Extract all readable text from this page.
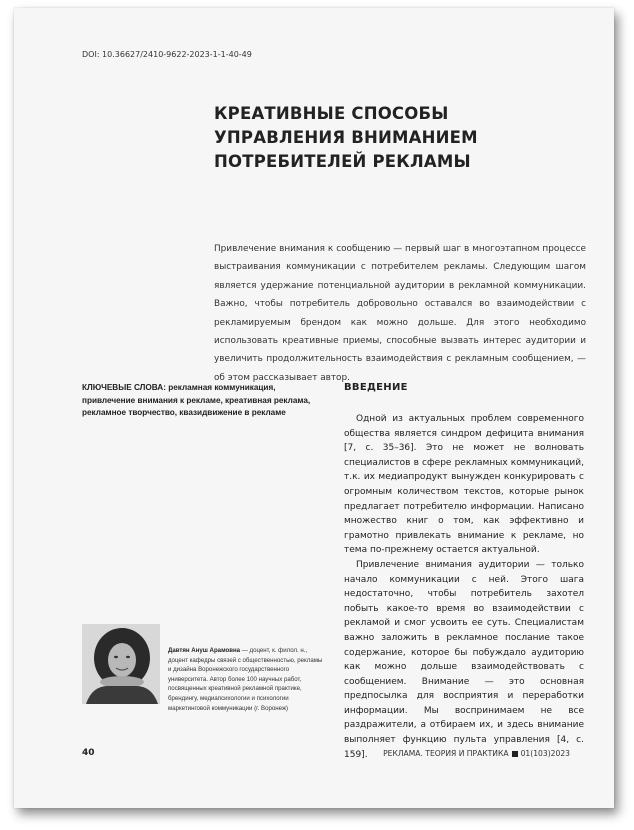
DOI: 10.36627/2410-9622-2023-1-1-40-49
КРЕАТИВНЫЕ СПОСОБЫ УПРАВЛЕНИЯ ВНИМАНИЕМ ПОТРЕБИТЕЛЕЙ РЕКЛАМЫ
Привлечение внимания к сообщению — первый шаг в многоэтапном процессе выстраивания коммуникации с потребителем рекламы. Следующим шагом является удержание потенциальной аудитории в рекламной коммуникации. Важно, чтобы потребитель добровольно оставался во взаимодействии с рекламируемым брендом как можно дольше. Для этого необходимо использовать креативные приемы, способные вызвать интерес аудитории и увеличить продолжительность взаимодействия с рекламным сообщением, — об этом рассказывает автор.
КЛЮЧЕВЫЕ СЛОВА: рекламная коммуникация, привлечение внимания к рекламе, креативная реклама, рекламное творчество, квазидвижение в рекламе
ВВЕДЕНИЕ

Одной из актуальных проблем современного общества является синдром дефицита внимания [7, с. 35–36]. Это не может не волновать специалистов в сфере рекламных коммуникаций, т.к. их медиапродукт вынужден конкурировать с огромным количеством текстов, которые рынок предлагает потребителю информации. Написано множество книг о том, как эффективно и грамотно привлекать внимание к рекламе, но тема по-прежнему остается актуальной.

Привлечение внимания аудитории — только начало коммуникации с ней. Этого шага недостаточно, чтобы потребитель захотел побыть какое-то время во взаимодействии с рекламой и смог усвоить ее суть. Специалистам важно заложить в рекламное послание такое содержание, которое бы побуждало аудиторию как можно дольше взаимодействовать с сообщением. Внимание — это основная предпосылка для восприятия и переработки информации. Мы воспринимаем не все раздражители, а отбираем их, и здесь внимание выполняет функцию пульта управления [4, с. 159].

Давтян Ануш Арамовна — доцент, к. филол. н., доцент кафедры связей с общественностью, рекламы и дизайна Воронежского государственного университета. Автор более 100 научных работ, посвященных креативной рекламной практике, брендингу, медиапсихологии и психологии маркетинговой коммуникации (г. Воронеж)
40	РЕКЛАМА. ТЕОРИЯ И ПРАКТИКА 01(103)2023
